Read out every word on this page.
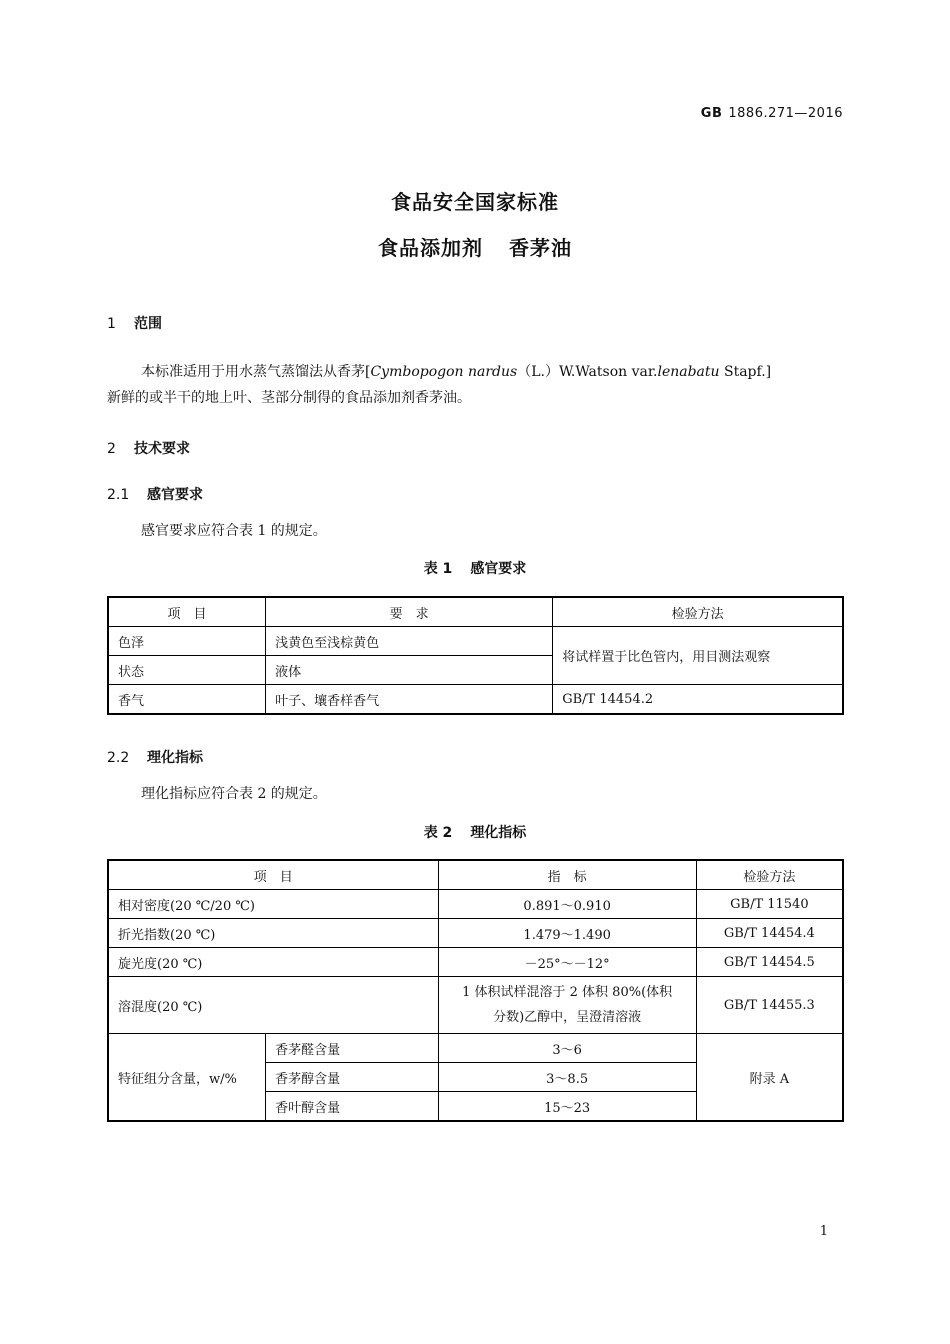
GB 1886.271—2016
食品安全国家标准
食品添加剂 香茅油
1 范围
本标准适用于用水蒸气蒸馏法从香茅[Cymbopogon nardus（L.）W.Watson var.lenabatu Stapf.]
新鲜的或半干的地上叶、茎部分制得的食品添加剂香茅油。
2 技术要求
2.1 感官要求
感官要求应符合表 1 的规定。
表 1 感官要求
项　目	要　求	检验方法
色泽	浅黄色至浅棕黄色	将试样置于比色管内，用目测法观察
状态	液体	
香气	叶子、壤香样香气	GB/T 14454.2
2.2 理化指标
理化指标应符合表 2 的规定。
表 2 理化指标
项　目		指　标	检验方法
相对密度(20 ℃/20 ℃)		0.891～0.910	GB/T 11540
折光指数(20 ℃)		1.479～1.490	GB/T 14454.4
旋光度(20 ℃)		－25°～－12°	GB/T 14454.5
溶混度(20 ℃)		1 体积试样混溶于 2 体积 80%(体积
分数)乙醇中，呈澄清溶液	GB/T 14455.3
特征组分含量，w/%	香茅醛含量	3～6	附录 A
	香茅醇含量	3～8.5	
	香叶醇含量	15～23	
1
